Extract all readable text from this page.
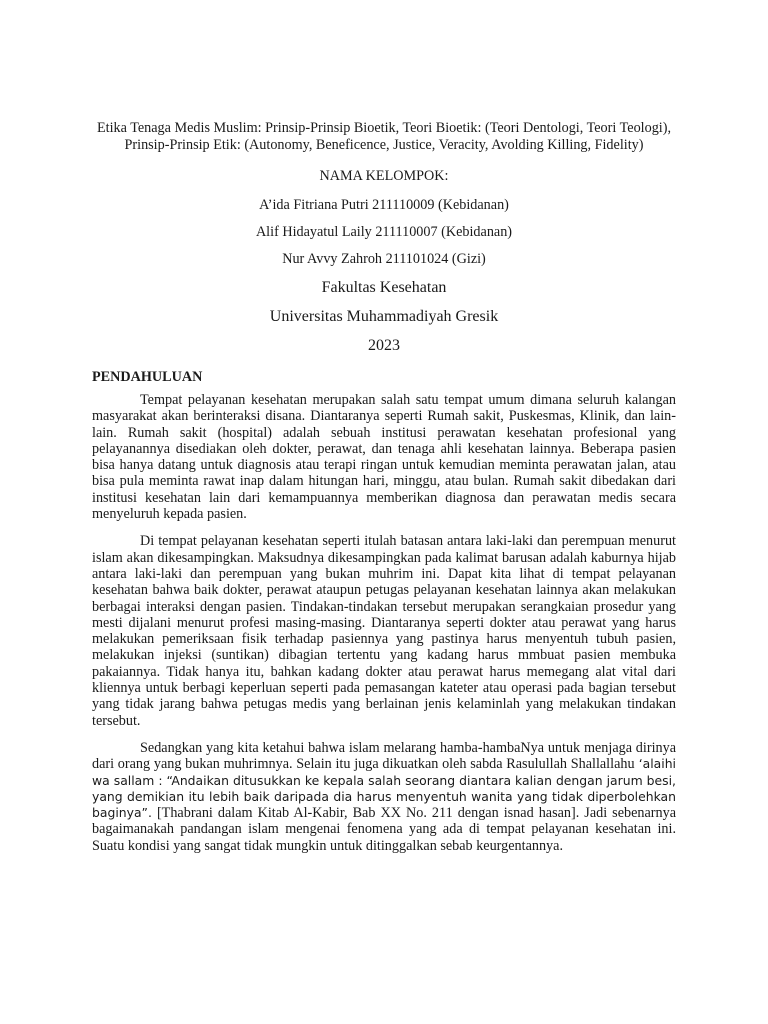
Etika Tenaga Medis Muslim: Prinsip-Prinsip Bioetik, Teori Bioetik: (Teori Dentologi, Teori Teologi), Prinsip-Prinsip Etik: (Autonomy, Beneficence, Justice, Veracity, Avolding Killing, Fidelity)

NAMA KELOMPOK:

A’ida Fitriana Putri 211110009 (Kebidanan)

Alif Hidayatul Laily 211110007 (Kebidanan)

Nur Avvy Zahroh 211101024 (Gizi)

Fakultas Kesehatan

Universitas Muhammadiyah Gresik

2023

PENDAHULUAN

Tempat pelayanan kesehatan merupakan salah satu tempat umum dimana seluruh kalangan masyarakat akan berinteraksi disana. Diantaranya seperti Rumah sakit, Puskesmas, Klinik, dan lain-lain. Rumah sakit (hospital) adalah sebuah institusi perawatan kesehatan profesional yang pelayanannya disediakan oleh dokter, perawat, dan tenaga ahli kesehatan lainnya. Beberapa pasien bisa hanya datang untuk diagnosis atau terapi ringan untuk kemudian meminta perawatan jalan, atau bisa pula meminta rawat inap dalam hitungan hari, minggu, atau bulan. Rumah sakit dibedakan dari institusi kesehatan lain dari kemampuannya memberikan diagnosa dan perawatan medis secara menyeluruh kepada pasien.

Di tempat pelayanan kesehatan seperti itulah batasan antara laki-laki dan perempuan menurut islam akan dikesampingkan. Maksudnya dikesampingkan pada kalimat barusan adalah kaburnya hijab antara laki-laki dan perempuan yang bukan muhrim ini. Dapat kita lihat di tempat pelayanan kesehatan bahwa baik dokter, perawat ataupun petugas pelayanan kesehatan lainnya akan melakukan berbagai interaksi dengan pasien. Tindakan-tindakan tersebut merupakan serangkaian prosedur yang mesti dijalani menurut profesi masing-masing. Diantaranya seperti dokter atau perawat yang harus melakukan pemeriksaan fisik terhadap pasiennya yang pastinya harus menyentuh tubuh pasien, melakukan injeksi (suntikan) dibagian tertentu yang kadang harus mmbuat pasien membuka pakaiannya. Tidak hanya itu, bahkan kadang dokter atau perawat harus memegang alat vital dari kliennya untuk berbagi keperluan seperti pada pemasangan kateter atau operasi pada bagian tersebut yang tidak jarang bahwa petugas medis yang berlainan jenis kelaminlah yang melakukan tindakan tersebut.

Sedangkan yang kita ketahui bahwa islam melarang hamba-hambaNya untuk menjaga dirinya dari orang yang bukan muhrimnya. Selain itu juga dikuatkan oleh sabda Rasulullah Shallallahu ‘alaihi wa sallam : “Andaikan ditusukkan ke kepala salah seorang diantara kalian dengan jarum besi, yang demikian itu lebih baik daripada dia harus menyentuh wanita yang tidak diperbolehkan baginya”. [Thabrani dalam Kitab Al-Kabir, Bab XX No. 211 dengan isnad hasan]. Jadi sebenarnya bagaimanakah pandangan islam mengenai fenomena yang ada di tempat pelayanan kesehatan ini. Suatu kondisi yang sangat tidak mungkin untuk ditinggalkan sebab keurgentannya.
